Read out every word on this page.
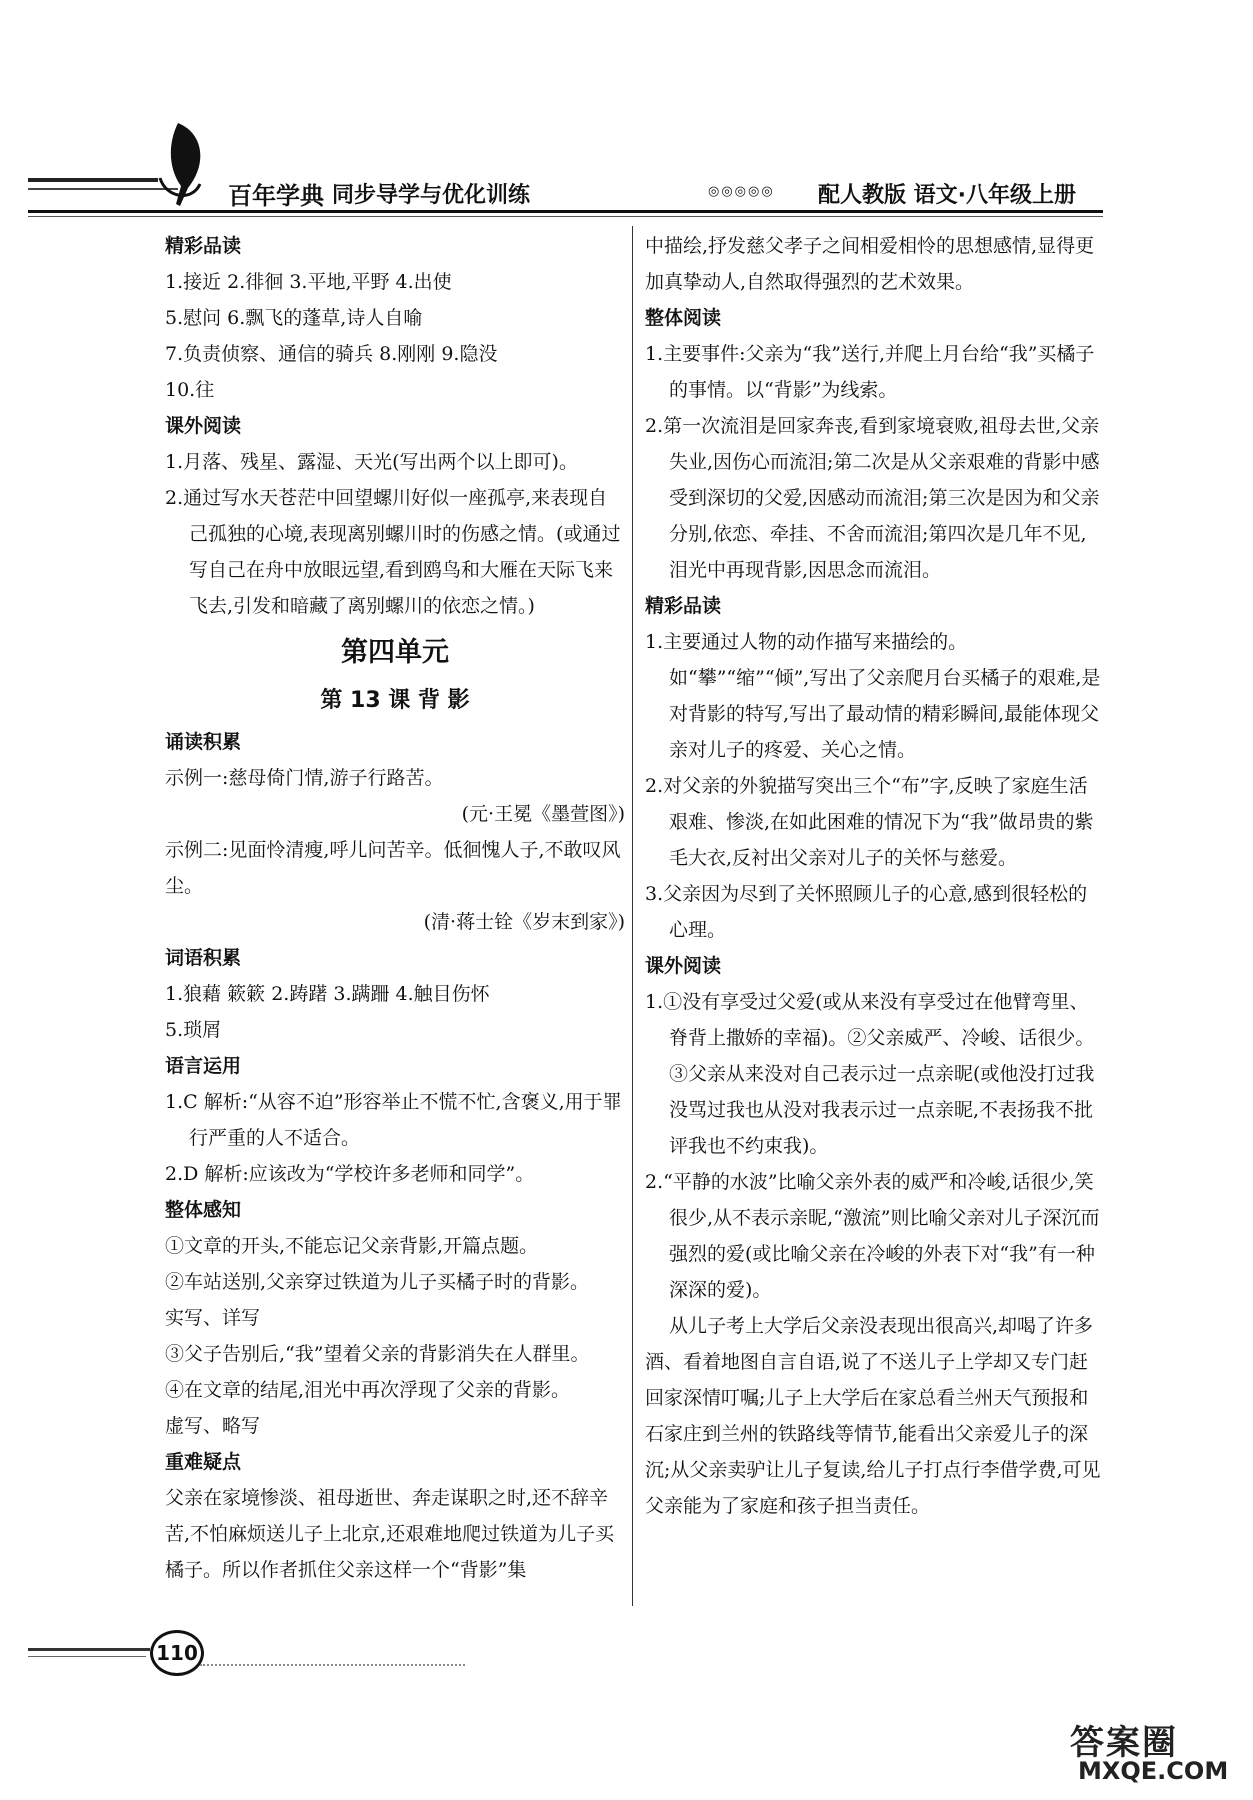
百年学典 同步导学与优化训练	◎◎◎◎◎ 配人教版 语文·八年级上册

精彩品读

1.接近 2.徘徊 3.平地,平野 4.出使

5.慰问 6.飘飞的蓬草,诗人自喻

7.负责侦察、通信的骑兵 8.刚刚 9.隐没

10.往

课外阅读

1.月落、残星、露湿、天光(写出两个以上即可)。

2.通过写水天苍茫中回望螺川好似一座孤亭,来表现自己孤独的心境,表现离别螺川时的伤感之情。(或通过写自己在舟中放眼远望,看到鸥鸟和大雁在天际飞来飞去,引发和暗藏了离别螺川的依恋之情。)

第四单元

第 13 课 背 影

诵读积累

示例一:慈母倚门情,游子行路苦。

(元·王冕《墨萱图》)

示例二:见面怜清瘦,呼儿问苦辛。低徊愧人子,不敢叹风尘。

(清·蒋士铨《岁末到家》)

词语积累

1.狼藉 簌簌 2.踌躇 3.蹒跚 4.触目伤怀

5.琐屑

语言运用

1.C 解析:“从容不迫”形容举止不慌不忙,含褒义,用于罪行严重的人不适合。

2.D 解析:应该改为“学校许多老师和同学”。

整体感知

①文章的开头,不能忘记父亲背影,开篇点题。

②车站送别,父亲穿过铁道为儿子买橘子时的背影。

实写、详写

③父子告别后,“我”望着父亲的背影消失在人群里。

④在文章的结尾,泪光中再次浮现了父亲的背影。

虚写、略写

重难疑点

父亲在家境惨淡、祖母逝世、奔走谋职之时,还不辞辛苦,不怕麻烦送儿子上北京,还艰难地爬过铁道为儿子买橘子。所以作者抓住父亲这样一个“背影”集

中描绘,抒发慈父孝子之间相爱相怜的思想感情,显得更加真挚动人,自然取得强烈的艺术效果。

整体阅读

1.主要事件:父亲为“我”送行,并爬上月台给“我”买橘子的事情。以“背影”为线索。

2.第一次流泪是回家奔丧,看到家境衰败,祖母去世,父亲失业,因伤心而流泪;第二次是从父亲艰难的背影中感受到深切的父爱,因感动而流泪;第三次是因为和父亲分别,依恋、牵挂、不舍而流泪;第四次是几年不见,泪光中再现背影,因思念而流泪。

精彩品读

1.主要通过人物的动作描写来描绘的。如“攀”“缩”“倾”,写出了父亲爬月台买橘子的艰难,是对背影的特写,写出了最动情的精彩瞬间,最能体现父亲对儿子的疼爱、关心之情。

2.对父亲的外貌描写突出三个“布”字,反映了家庭生活艰难、惨淡,在如此困难的情况下为“我”做昂贵的紫毛大衣,反衬出父亲对儿子的关怀与慈爱。

3.父亲因为尽到了关怀照顾儿子的心意,感到很轻松的心理。

课外阅读

1.①没有享受过父爱(或从来没有享受过在他臂弯里、脊背上撒娇的幸福)。②父亲威严、冷峻、话很少。③父亲从来没对自己表示过一点亲昵(或他没打过我没骂过我也从没对我表示过一点亲昵,不表扬我不批评我也不约束我)。

2.“平静的水波”比喻父亲外表的威严和冷峻,话很少,笑很少,从不表示亲昵,“激流”则比喻父亲对儿子深沉而强烈的爱(或比喻父亲在冷峻的外表下对“我”有一种深深的爱)。

从儿子考上大学后父亲没表现出很高兴,却喝了许多酒、看着地图自言自语,说了不送儿子上学却又专门赶回家深情叮嘱;儿子上大学后在家总看兰州天气预报和石家庄到兰州的铁路线等情节,能看出父亲爱儿子的深沉;从父亲卖驴让儿子复读,给儿子打点行李借学费,可见父亲能为了家庭和孩子担当责任。

110
答案圈
MXQE.COM
